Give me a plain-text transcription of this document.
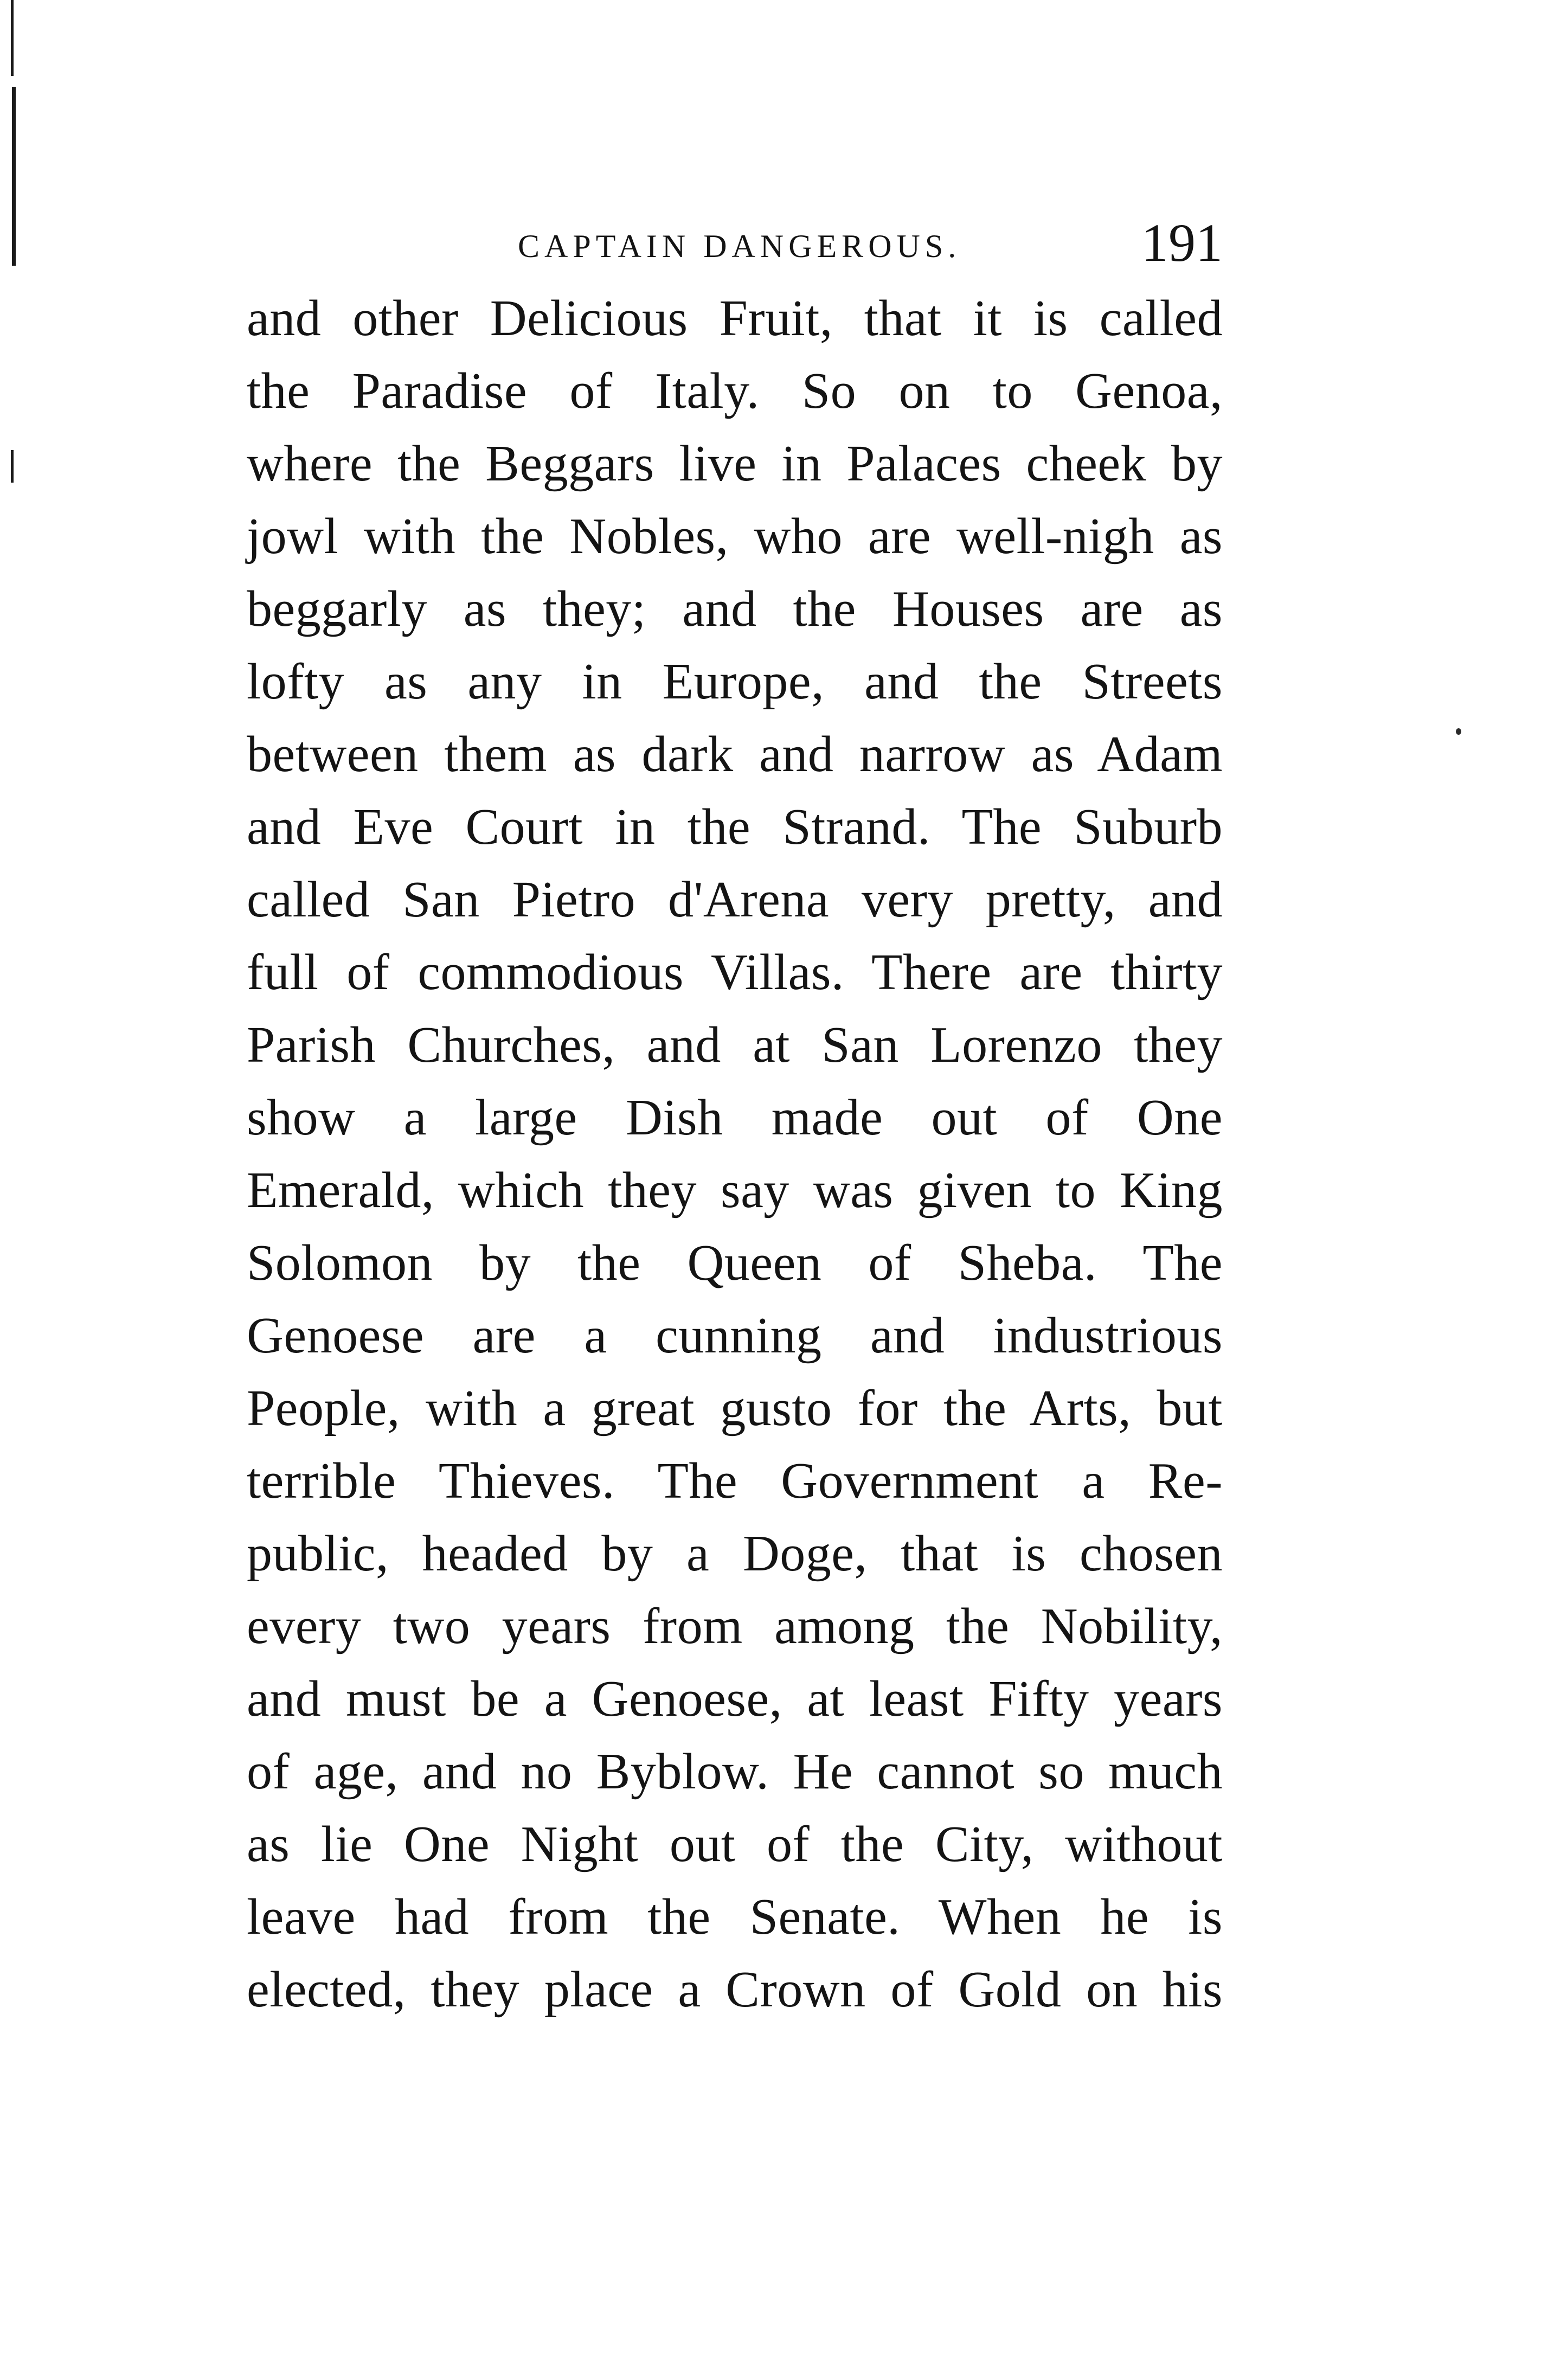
CAPTAIN DANGEROUS.	191
and other Delicious Fruit, that it is called
the Paradise of Italy. So on to Genoa,
where the Beggars live in Palaces cheek by
jowl with the Nobles, who are well-nigh as
beggarly as they; and the Houses are as
lofty as any in Europe, and the Streets
between them as dark and narrow as Adam
and Eve Court in the Strand. The Suburb
called San Pietro d'Arena very pretty, and
full of commodious Villas. There are thirty
Parish Churches, and at San Lorenzo they
show a large Dish made out of One
Emerald, which they say was given to King
Solomon by the Queen of Sheba. The
Genoese are a cunning and industrious
People, with a great gusto for the Arts, but
terrible Thieves. The Government a Re-
public, headed by a Doge, that is chosen
every two years from among the Nobility,
and must be a Genoese, at least Fifty years
of age, and no Byblow. He cannot so much
as lie One Night out of the City, without
leave had from the Senate. When he is
elected, they place a Crown of Gold on his
